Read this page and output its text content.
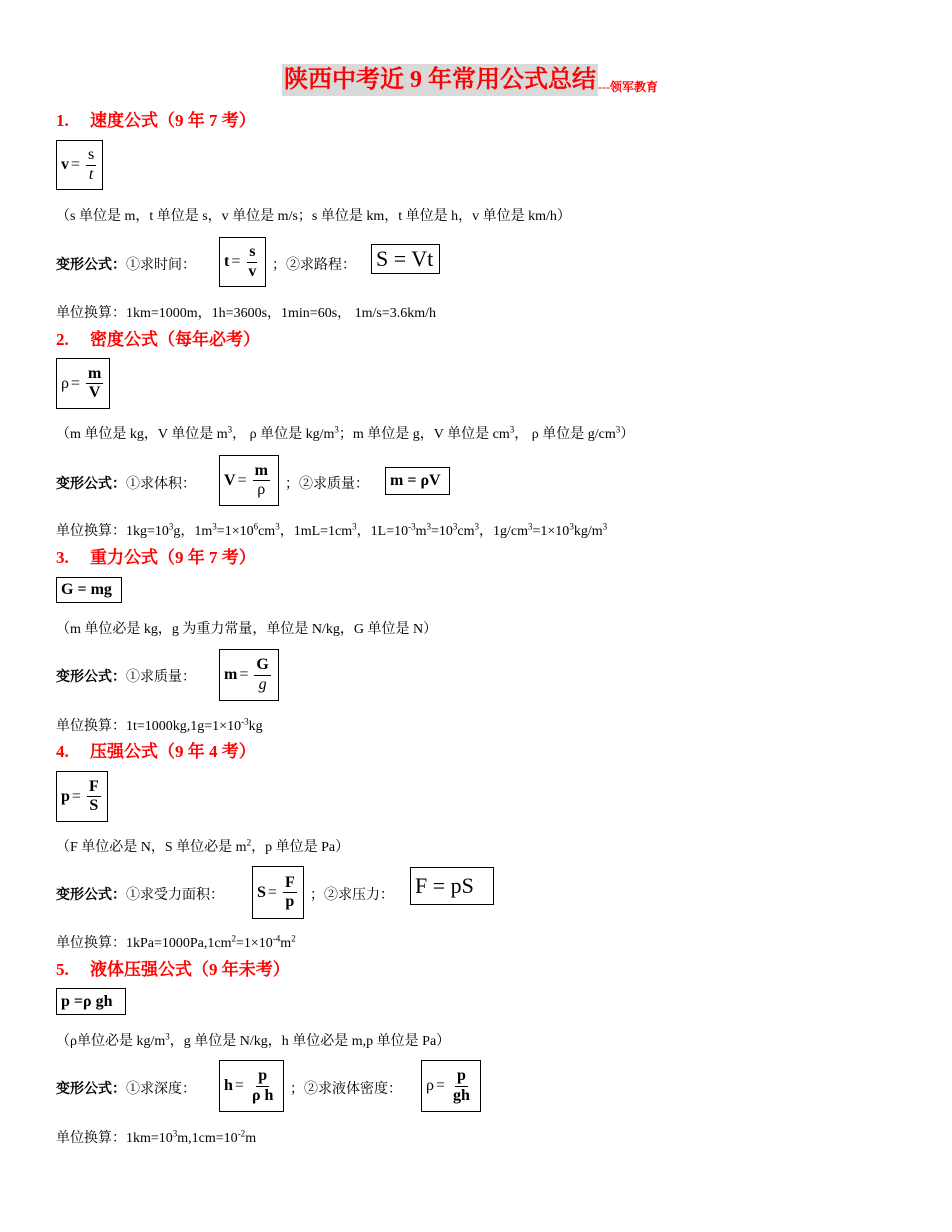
陕西中考近 9 年常用公式总结 ---领军教育
1. 速度公式（9 年 7 考）
$v = \frac{s}{t}$
（s 单位是 m，t 单位是 s，v 单位是 m/s；s 单位是 km，t 单位是 h，v 单位是 km/h）
变形公式：①求时间： $t = \frac{s}{v}$ ；②求路程： S = Vt
单位换算：1km=1000m，1h=3600s，1min=60s， 1m/s=3.6km/h
2. 密度公式（每年必考）
$\rho = \frac{m}{V}$
（m 单位是 kg，V 单位是 $m^3$， ρ 单位是 $kg/m^3$；m 单位是 g，V 单位是 $cm^3$， ρ 单位是 $g/cm^3$）
变形公式：①求体积： $V = \frac{m}{\rho}$ ；②求质量：	m = ρV
单位换算：$1kg=10^3g$，$1m^3=1\times 10^6cm^3$，$1mL=1cm^3$，$1L=10^{-3}m^3=10^3cm^3$，$1g/cm^3=1\times 10^3kg/m^3$
3. 重力公式（9 年 7 考）
G = mg
（m 单位必是 kg，g 为重力常量，单位是 N/kg，G 单位是 N）
变形公式：①求质量： $m = \frac{G}{g}$
单位换算：$1t=1000kg,1g=1\times 10^{-3}kg$
4. 压强公式（9 年 4 考）
$p = \frac{F}{S}$
（F 单位必是 N，S 单位必是 $m^2$，p 单位是 Pa）
变形公式：①求受力面积： $S = \frac{F}{p}$ ；②求压力： F = pS
单位换算：$1kPa=1000Pa,1cm^2=1\times 10^{-4}m^2$
5. 液体压强公式（9 年未考）
p =ρ gh
（ρ单位必是 $kg/m^3$，g 单位是 N/kg，h 单位必是 m,p 单位是 Pa）
变形公式：①求深度： $h = \frac{p}{\text{ρ h}}$ ；②求液体密度： $\rho = \frac{p}{gh}$
单位换算：$1km=10^3m,1cm=10^{-2}m$
